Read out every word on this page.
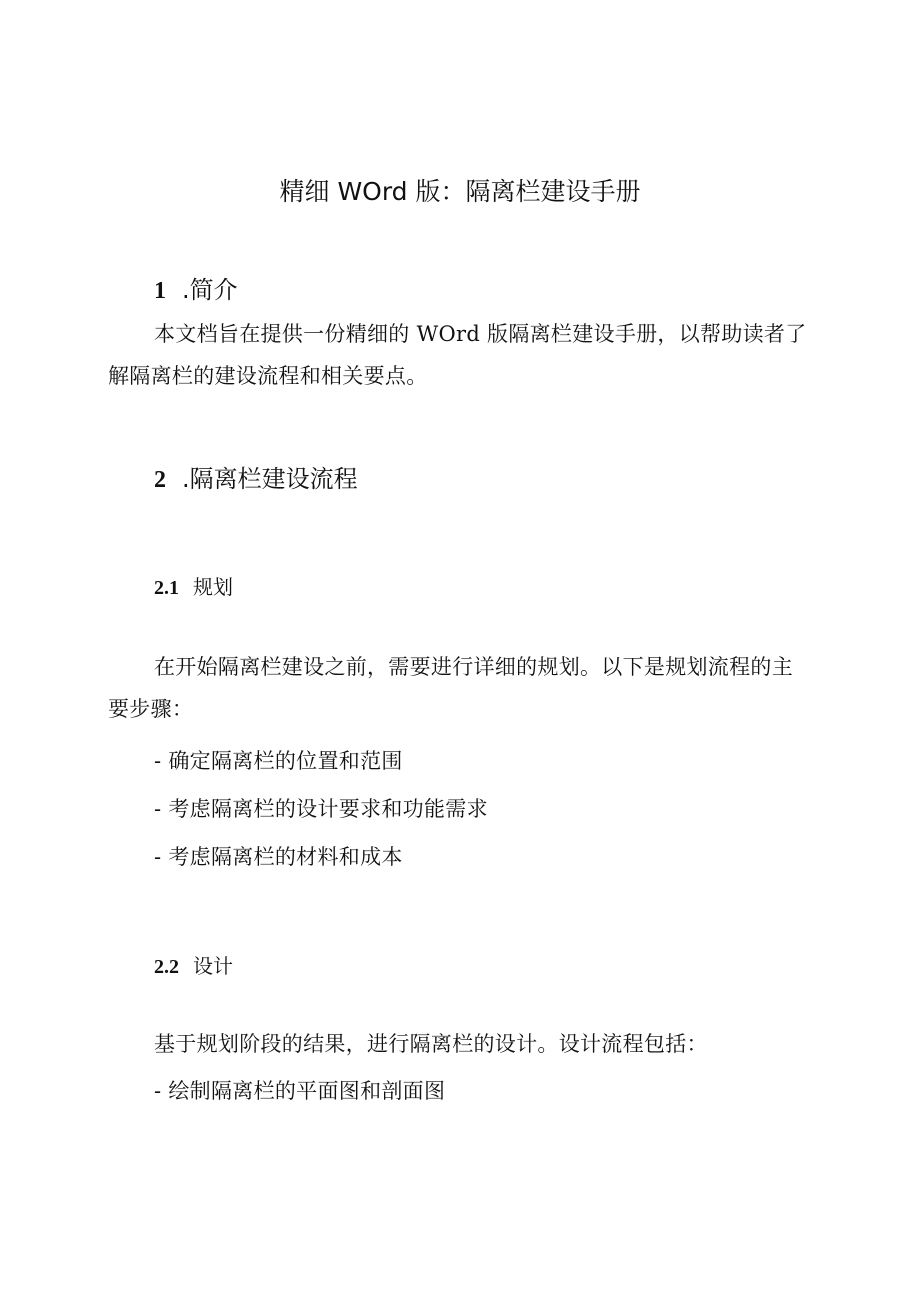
精细 WOrd 版：隔离栏建设手册
1 .简介

本文档旨在提供一份精细的 WOrd 版隔离栏建设手册，以帮助读者了解隔离栏的建设流程和相关要点。

2 .隔离栏建设流程
2.1 规划

在开始隔离栏建设之前，需要进行详细的规划。以下是规划流程的主要步骤：

- 确定隔离栏的位置和范围

- 考虑隔离栏的设计要求和功能需求

- 考虑隔离栏的材料和成本

2.2 设计

基于规划阶段的结果，进行隔离栏的设计。设计流程包括：

- 绘制隔离栏的平面图和剖面图
